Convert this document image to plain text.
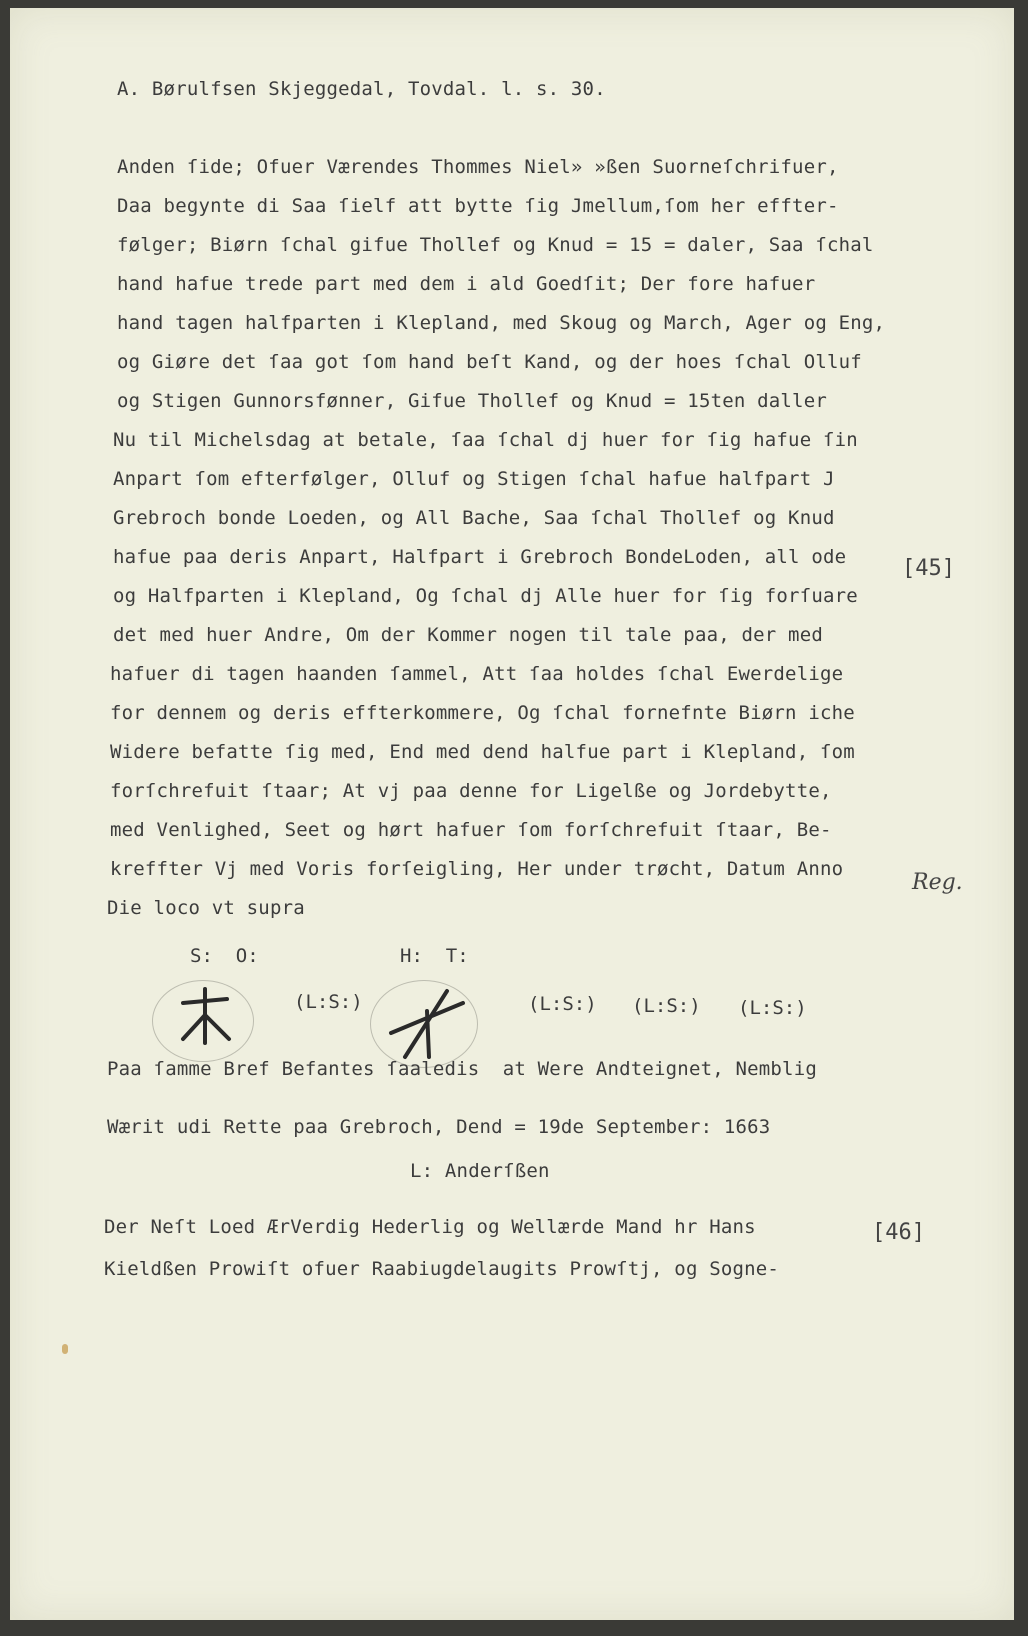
A. Børulfsen Skjeggedal, Tovdal. l. s. 30.
Anden ſide; Ofuer Værendes Thommes Niel» »ßen Suorneſchrifuer,
Daa begynte di Saa ſielf att bytte ſig Jmellum,ſom her effter-
følger; Biørn ſchal gifue Thollef og Knud = 15 = daler, Saa ſchal
hand hafue trede part med dem i ald Goedſit; Der fore hafuer
hand tagen halfparten i Klepland, med Skoug og March, Ager og Eng,
og Giøre det ſaa got ſom hand beſt Kand, og der hoes ſchal Olluf
og Stigen Gunnorsfønner, Gifue Thollef og Knud = 15ten daller
Nu til Michelsdag at betale, ſaa ſchal dj huer for ſig hafue ſin
Anpart ſom efterfølger, Olluf og Stigen ſchal hafue halfpart J
Grebroch bonde Loeden, og All Bache, Saa ſchal Thollef og Knud
hafue paa deris Anpart, Halfpart i Grebroch BondeLoden, all ode
og Halfparten i Klepland, Og ſchal dj Alle huer for ſig forſuare
det med huer Andre, Om der Kommer nogen til tale paa, der med
hafuer di tagen haanden ſammel, Att ſaa holdes ſchal Ewerdelige
for dennem og deris effterkommere, Og ſchal fornefnte Biørn iche
Widere befatte ſig med, End med dend halfue part i Klepland, ſom
forſchrefuit ſtaar; At vj paa denne for Ligelße og Jordebytte,
med Venlighed, Seet og hørt hafuer ſom forſchrefuit ſtaar, Be-
kreffter Vj med Voris forſeigling, Her under trøcht, Datum Anno
Die loco vt supra
[45]
Reg.
S:  O:	H:  T:
(L:S:)	(L:S:) (L:S:) (L:S:)
Paa ſamme Bref Befantes ſaaledis  at Were Andteignet, Nemblig
Wærit udi Rette paa Grebroch, Dend = 19de September: 1663
L: Anderſßen
Der Neſt Loed ÆrVerdig Hederlig og Wellærde Mand hr Hans
Kieldßen Prowiſt ofuer Raabiugdelaugits Prowſtj, og Sogne-
[46]
